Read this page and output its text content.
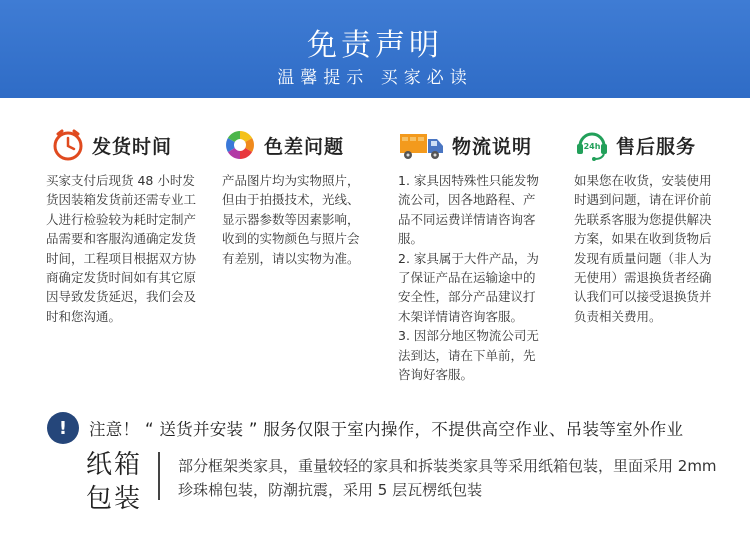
免责声明
温馨提示 买家必读
发货时间

买家支付后现货 48 小时发货因装箱发货前还需专业工人进行检验较为耗时定制产品需要和客服沟通确定发货时间，工程项目根据双方协商确定发货时间如有其它原因导致发货延迟，我们会及时和您沟通。

色差问题

产品图片均为实物照片，但由于拍摄技术，光线、显示器参数等因素影响，收到的实物颜色与照片会有差别，请以实物为准。

物流说明

1. 家具因特殊性只能发物流公司，因各地路程、产品不同运费详情请咨询客服。

2. 家具属于大件产品，为了保证产品在运输途中的安全性，部分产品建议打木架详情请咨询客服。

3. 因部分地区物流公司无法到达，请在下单前，先咨询好客服。

24h 售后服务

如果您在收货，安装使用时遇到问题，请在评价前先联系客服为您提供解决方案，如果在收到货物后发现有质量问题（非人为无使用）需退换货者经确认我们可以接受退换货并负责相关费用。

!	注意！ “ 送货并安装 ” 服务仅限于室内操作，不提供高空作业、吊装等室外作业
纸箱包装
部分框架类家具，重量较轻的家具和拆装类家具等采用纸箱包装，里面采用 2mm 珍珠棉包装，防潮抗震，采用 5 层瓦楞纸包装
